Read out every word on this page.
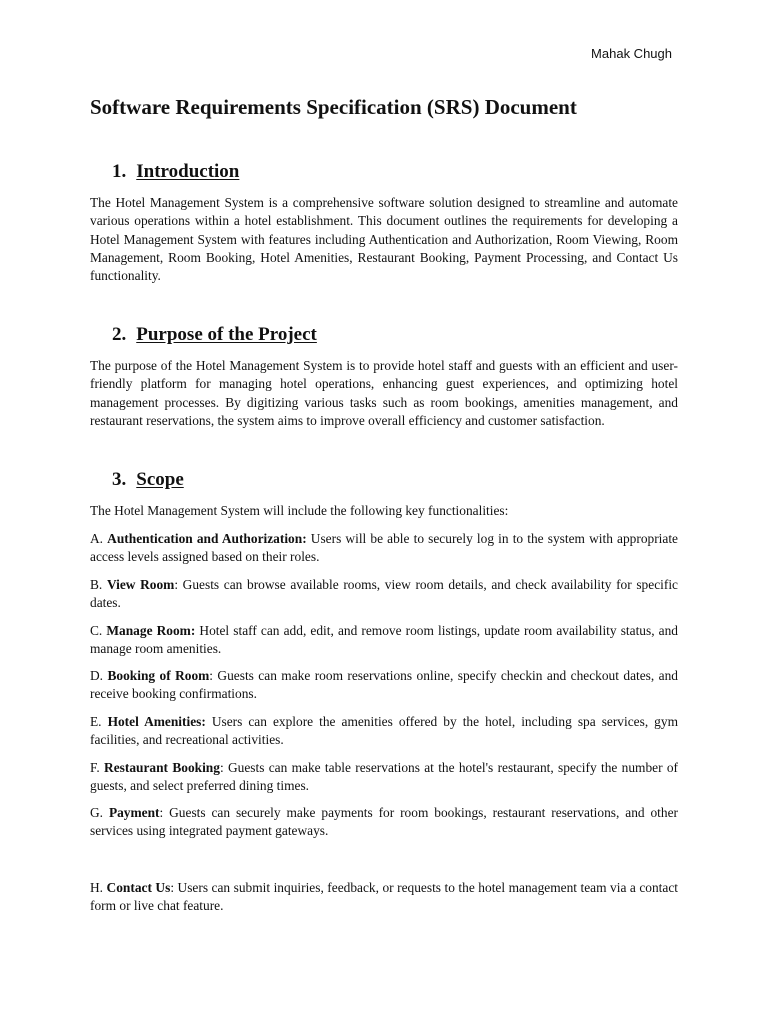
Mahak Chugh
Software Requirements Specification (SRS) Document
1. Introduction

The Hotel Management System is a comprehensive software solution designed to streamline and automate various operations within a hotel establishment. This document outlines the requirements for developing a Hotel Management System with features including Authentication and Authorization, Room Viewing, Room Management, Room Booking, Hotel Amenities, Restaurant Booking, Payment Processing, and Contact Us functionality.

2. Purpose of the Project

The purpose of the Hotel Management System is to provide hotel staff and guests with an efficient and user-friendly platform for managing hotel operations, enhancing guest experiences, and optimizing hotel management processes. By digitizing various tasks such as room bookings, amenities management, and restaurant reservations, the system aims to improve overall efficiency and customer satisfaction.

3. Scope

The Hotel Management System will include the following key functionalities:

A. Authentication and Authorization: Users will be able to securely log in to the system with appropriate access levels assigned based on their roles.

B. View Room: Guests can browse available rooms, view room details, and check availability for specific dates.

C. Manage Room: Hotel staff can add, edit, and remove room listings, update room availability status, and manage room amenities.

D. Booking of Room: Guests can make room reservations online, specify checkin and checkout dates, and receive booking confirmations.

E. Hotel Amenities: Users can explore the amenities offered by the hotel, including spa services, gym facilities, and recreational activities.

F. Restaurant Booking: Guests can make table reservations at the hotel's restaurant, specify the number of guests, and select preferred dining times.

G. Payment: Guests can securely make payments for room bookings, restaurant reservations, and other services using integrated payment gateways.

H. Contact Us: Users can submit inquiries, feedback, or requests to the hotel management team via a contact form or live chat feature.
